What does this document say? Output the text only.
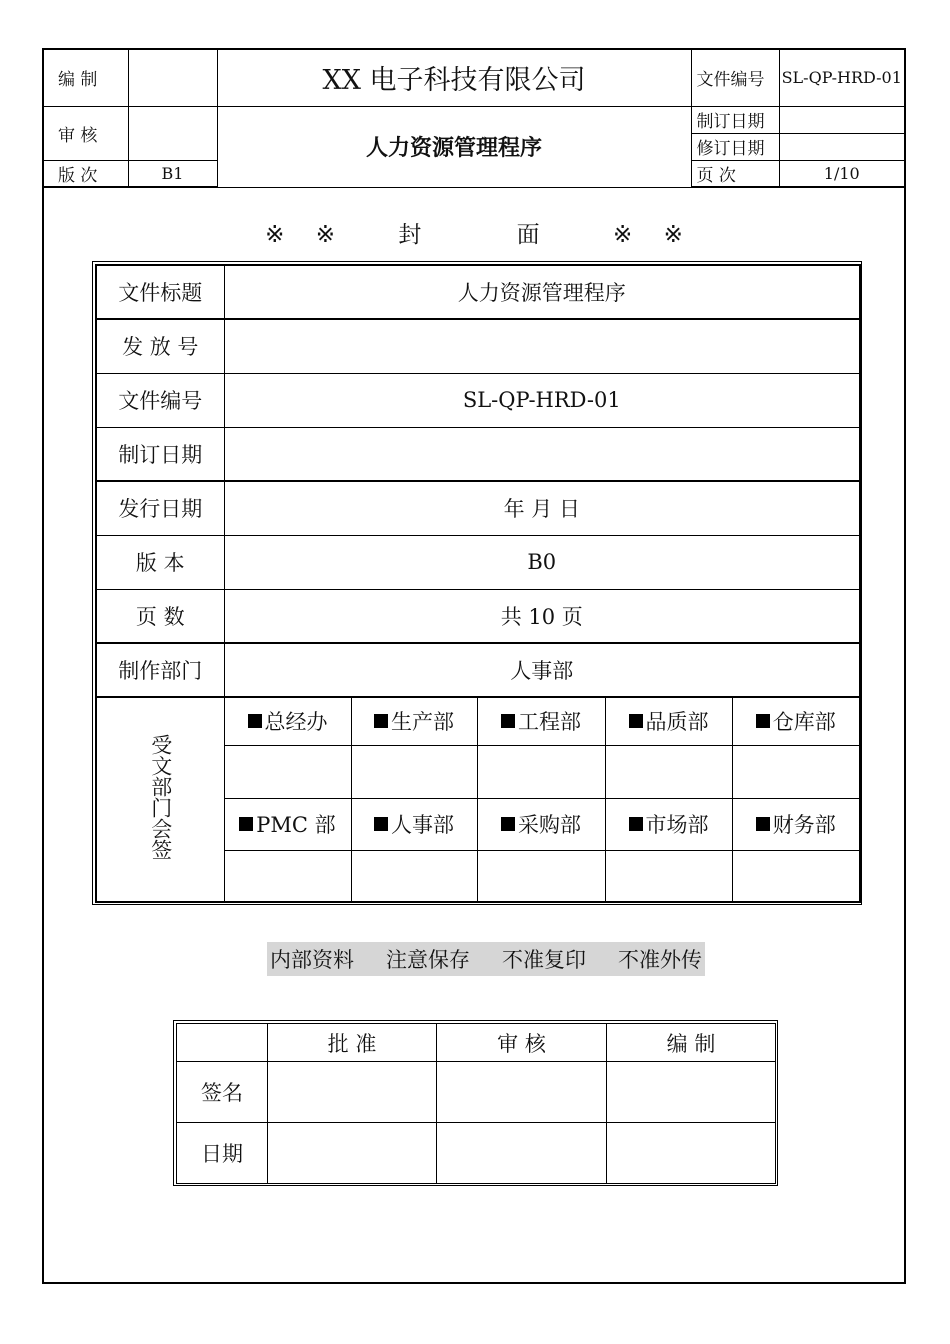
编 制		XX 电子科技有限公司	文件编号	SL-QP-HRD-01

审 核		人力资源管理程序	制订日期	
			修订日期	
版 次	B1		页 次	1/10
※ ※	封	面	※ ※
文件标题	人力资源管理程序				
发 放 号					
文件编号	SL-QP-HRD-01				
制订日期					
发行日期	年 月 日				
版 本	B0				
页 数	共 10 页				
制作部门	人事部				
受文部门会签	总经办	生产部	工程部	品质部	仓库部

	PMC 部	人事部	采购部	市场部	财务部

内部资料 注意保存 不准复印 不准外传
	批 准	审 核	编 制
签名			
日期			
